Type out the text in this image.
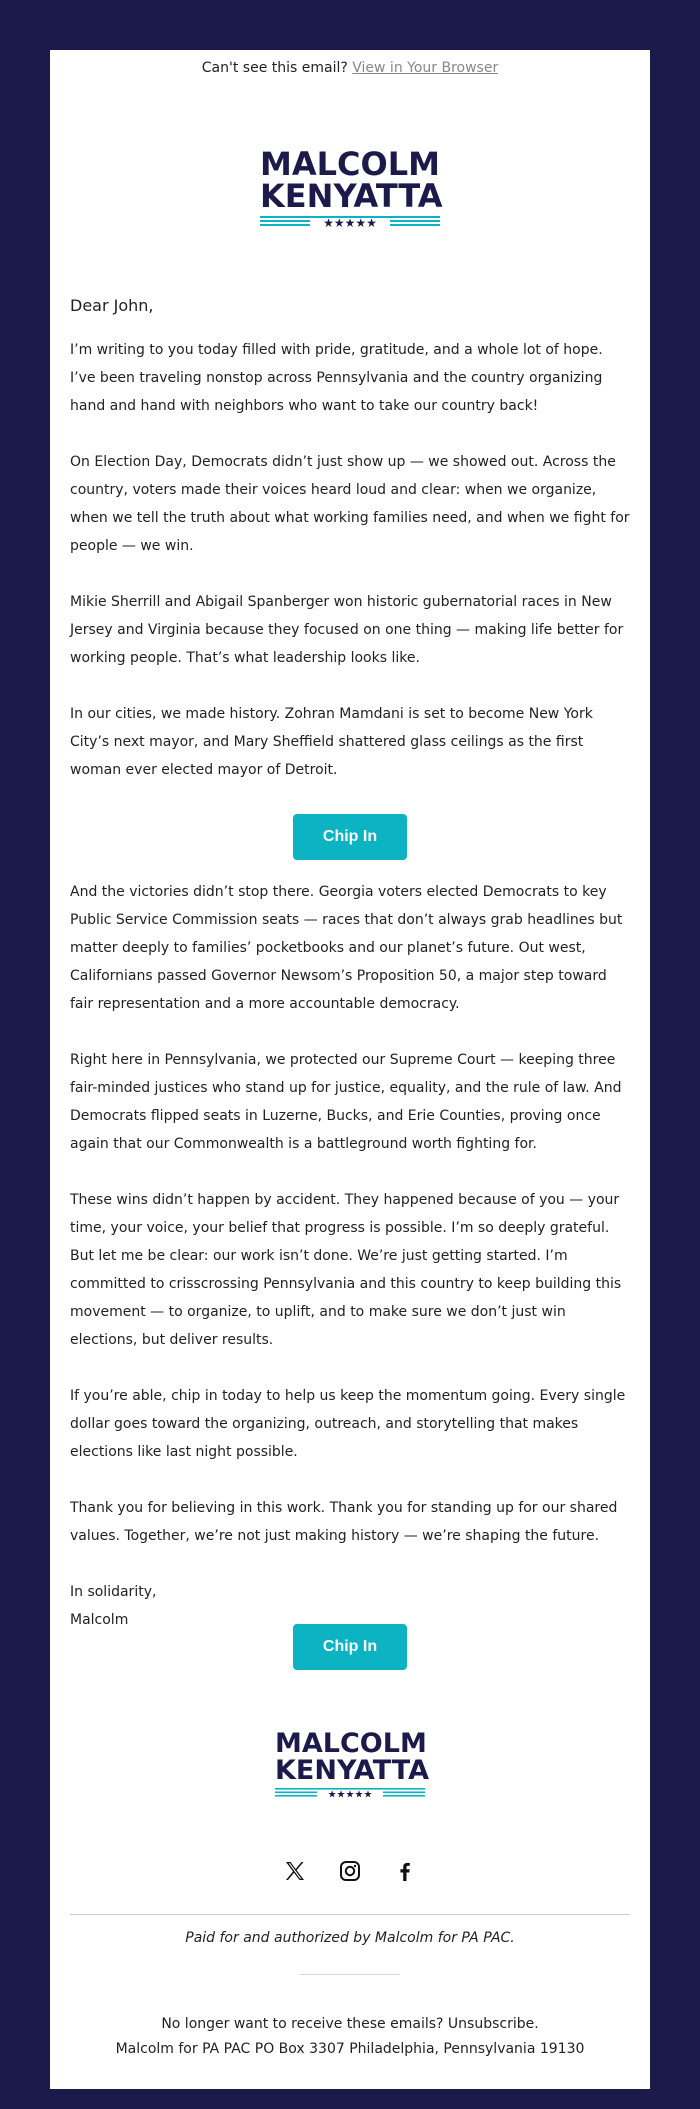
Can't see this email? View in Your Browser
MALCOLM
KENYATTA
★★★★★
Dear John,

I’m writing to you today filled with pride, gratitude, and a whole lot of hope. I’ve been traveling nonstop across Pennsylvania and the country organizing hand and hand with neighbors who want to take our country back!

On Election Day, Democrats didn’t just show up — we showed out. Across the country, voters made their voices heard loud and clear: when we organize, when we tell the truth about what working families need, and when we fight for people — we win.

Mikie Sherrill and Abigail Spanberger won historic gubernatorial races in New Jersey and Virginia because they focused on one thing — making life better for working people. That’s what leadership looks like.

In our cities, we made history. Zohran Mamdani is set to become New York City’s next mayor, and Mary Sheffield shattered glass ceilings as the first woman ever elected mayor of Detroit.

Chip In

And the victories didn’t stop there. Georgia voters elected Democrats to key Public Service Commission seats — races that don’t always grab headlines but matter deeply to families’ pocketbooks and our planet’s future. Out west, Californians passed Governor Newsom’s Proposition 50, a major step toward fair representation and a more accountable democracy.

Right here in Pennsylvania, we protected our Supreme Court — keeping three fair-minded justices who stand up for justice, equality, and the rule of law. And Democrats flipped seats in Luzerne, Bucks, and Erie Counties, proving once again that our Commonwealth is a battleground worth fighting for.

These wins didn’t happen by accident. They happened because of you — your time, your voice, your belief that progress is possible. I’m so deeply grateful.

But let me be clear: our work isn’t done. We’re just getting started. I’m committed to crisscrossing Pennsylvania and this country to keep building this movement — to organize, to uplift, and to make sure we don’t just win elections, but deliver results.

If you’re able, chip in today to help us keep the momentum going. Every single dollar goes toward the organizing, outreach, and storytelling that makes elections like last night possible.

Thank you for believing in this work. Thank you for standing up for our shared values. Together, we’re not just making history — we’re shaping the future.

In solidarity,
Malcolm

Chip In
MALCOLM
KENYATTA
★★★★★
Paid for and authorized by Malcolm for PA PAC.
No longer want to receive these emails? Unsubscribe.
Malcolm for PA PAC PO Box 3307 Philadelphia, Pennsylvania 19130
